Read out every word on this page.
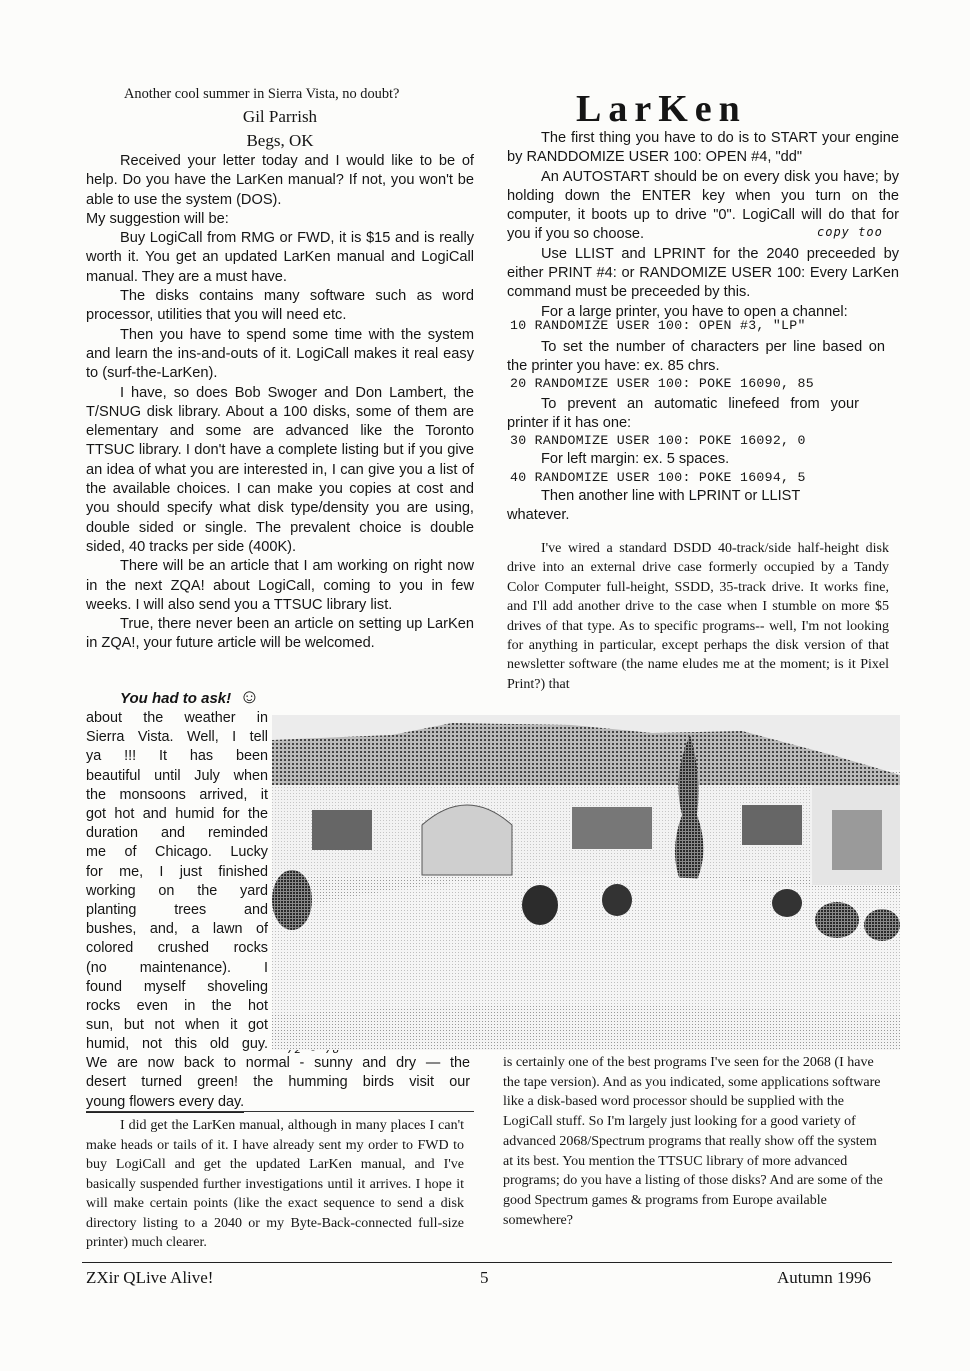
Another cool summer in Sierra Vista, no doubt?
Gil Parrish
Begs, OK

Received your letter today and I would like to be of help. Do you have the LarKen manual? If not, you won't be able to use the system (DOS).

My suggestion will be:

Buy LogiCall from RMG or FWD, it is $15 and is really worth it. You get an updated LarKen manual and LogiCall manual. They are a must have.

The disks contains many software such as word processor, utilities that you will need etc.

Then you have to spend some time with the system and learn the ins-and-outs of it. LogiCall makes it real easy to (surf-the-LarKen).

I have, so does Bob Swoger and Don Lambert, the T/SNUG disk library. About a 100 disks, some of them are elementary and some are advanced like the Toronto TTSUC library. I don't have a complete listing but if you give an idea of what you are interested in, I can give you a list of the available choices. I can make you copies at cost and you should specify what disk type/density you are using, double sided or single. The prevalent choice is double sided, 40 tracks per side (400K).

There will be an article that I am working on right now in the next ZQA! about LogiCall, coming to you in few weeks. I will also send you a TTSUC library list.

True, there never been an article on setting up LarKen in ZQA!, your future article will be welcomed.

You had to ask! ☺
about the weather in
Sierra Vista. Well, I tell
ya !!! It has been
beautiful until July when
the monsoons arrived, it
got hot and humid for the
duration and reminded
me of Chicago. Lucky
for me, I just finished
working on the yard
planting trees and
bushes, and, a lawn of
colored crushed rocks
(no maintenance). I
found myself shoveling
rocks even in the hot
sun, but not when it got
humid, not this old guy.
We are now back to normal - sunny and dry — the
desert turned green! the humming birds visit our
young flowers every day.
I did get the LarKen manual, although in many places I can't make heads or tails of it. I have already sent my order to FWD to buy LogiCall and get the updated LarKen manual, and I've basically suspended further investigations until it arrives. I hope it will make certain points (like the exact sequence to send a disk directory listing to a 2040 or my Byte-Back-connected full-size printer) much clearer.
LarKen

The first thing you have to do is to START your engine by RANDDOMIZE USER 100: OPEN #4, "dd"

An AUTOSTART should be on every disk you have; by holding down the ENTER key when you turn on the computer, it boots up to drive "0". LogiCall will do that for you if you so choose.

Use LLIST and LPRINT for the 2040 preceeded by either PRINT #4: or RANDOMIZE USER 100: Every LarKen command must be preceeded by this.

For a large printer, you have to open a channel:

copy too
10 RANDOMIZE USER 100: OPEN #3, "LP"
To set the number of characters per line based on the printer you have: ex. 85 chrs.
20 RANDOMIZE USER 100: POKE 16090, 85
To prevent an automatic linefeed from your printer if it has one:
30 RANDOMIZE USER 100: POKE 16092, 0
For left margin: ex. 5 spaces.
40 RANDOMIZE USER 100: POKE 16094, 5
Then another line with LPRINT or LLIST whatever.
I've wired a standard DSDD 40-track/side half-height disk drive into an external drive case formerly occupied by a Tandy Color Computer full-height, SSDD, 35-track drive. It works fine, and I'll add another drive to the case when I stumble on more $5 drives of that type. As to specific programs-- well, I'm not looking for anything in particular, except perhaps the disk version of that newsletter software (the name eludes me at the moment; is it Pixel Print?) that
is certainly one of the best programs I've seen for the 2068 (I have the tape version). And as you indicated, some applications software like a disk-based word processor should be supplied with the LogiCall stuff. So I'm largely just looking for a good variety of advanced 2068/Spectrum programs that really show off the system at its best. You mention the TTSUC library of more advanced programs; do you have a listing of those disks? And are some of the good Spectrum games & programs from Europe available somewhere?
ZXir QLive Alive!	5	Autumn 1996
